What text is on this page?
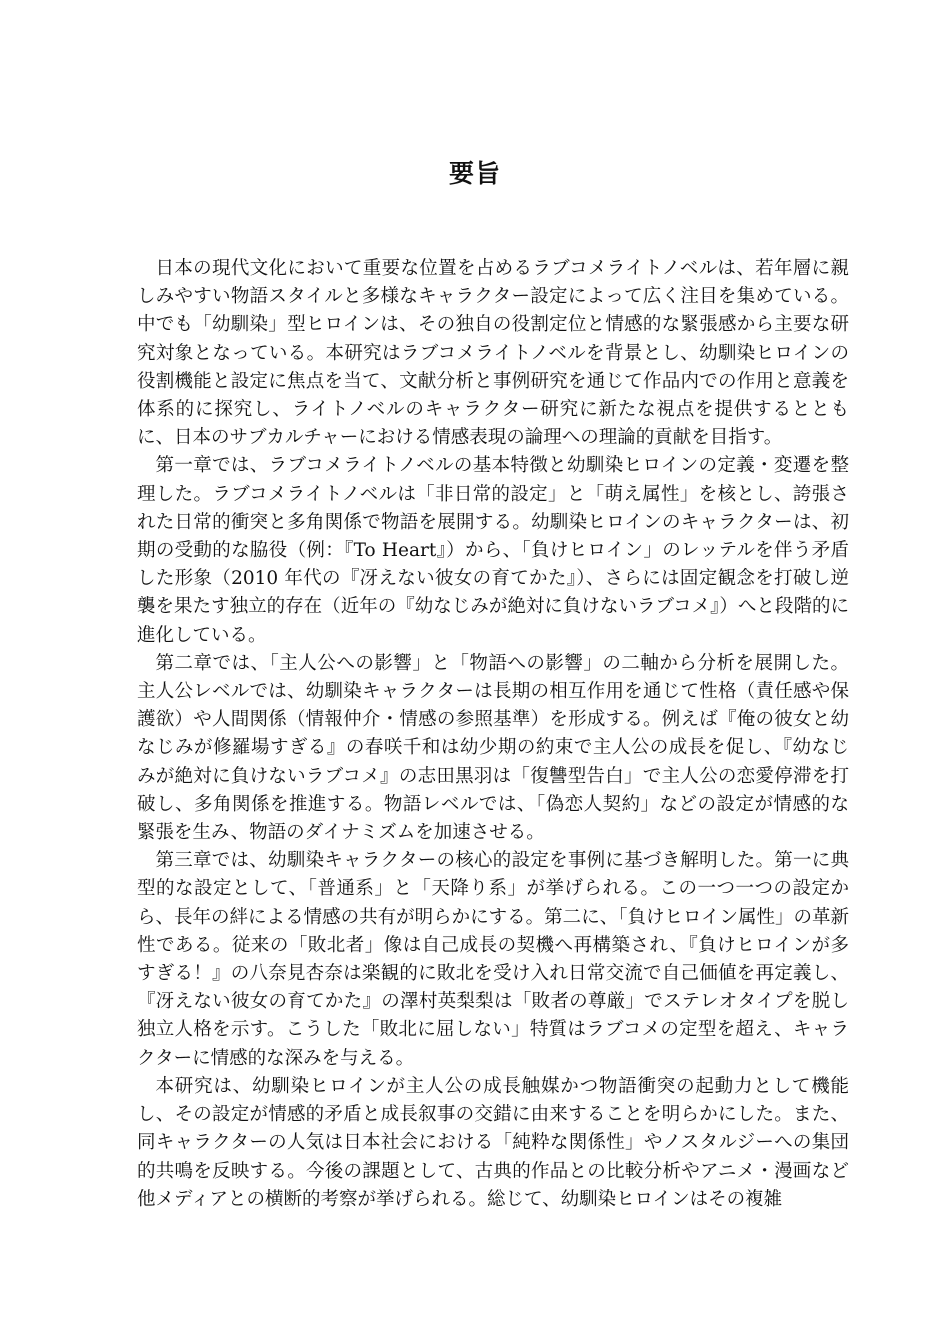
要旨

日本の現代文化において重要な位置を占めるラブコメライトノベルは、若年層に親しみやすい物語スタイルと多様なキャラクター設定によって広く注目を集めている。中でも「幼馴染」型ヒロインは、その独自の役割定位と情感的な緊張感から主要な研究対象となっている。本研究はラブコメライトノベルを背景とし、幼馴染ヒロインの役割機能と設定に焦点を当て、文献分析と事例研究を通じて作品内での作用と意義を体系的に探究し、ライトノベルのキャラクター研究に新たな視点を提供するとともに、日本のサブカルチャーにおける情感表現の論理への理論的貢献を目指す。

第一章では、ラブコメライトノベルの基本特徴と幼馴染ヒロインの定義・変遷を整理した。ラブコメライトノベルは「非日常的設定」と「萌え属性」を核とし、誇張された日常的衝突と多角関係で物語を展開する。幼馴染ヒロインのキャラクターは、初期の受動的な脇役（例：『To Heart』）から、「負けヒロイン」のレッテルを伴う矛盾した形象（2010 年代の『冴えない彼女の育てかた』）、さらには固定観念を打破し逆襲を果たす独立的存在（近年の『幼なじみが絶対に負けないラブコメ』）へと段階的に進化している。

第二章では、「主人公への影響」と「物語への影響」の二軸から分析を展開した。主人公レベルでは、幼馴染キャラクターは長期の相互作用を通じて性格（責任感や保護欲）や人間関係（情報仲介・情感の参照基準）を形成する。例えば『俺の彼女と幼なじみが修羅場すぎる』の春咲千和は幼少期の約束で主人公の成長を促し、『幼なじみが絶対に負けないラブコメ』の志田黒羽は「復讐型告白」で主人公の恋愛停滞を打破し、多角関係を推進する。物語レベルでは、「偽恋人契約」などの設定が情感的な緊張を生み、物語のダイナミズムを加速させる。

第三章では、幼馴染キャラクターの核心的設定を事例に基づき解明した。第一に典型的な設定として、「普通系」と「天降り系」が挙げられる。この一つ一つの設定から、長年の絆による情感の共有が明らかにする。第二に、「負けヒロイン属性」の革新性である。従来の「敗北者」像は自己成長の契機へ再構築され、『負けヒロインが多すぎる！』の八奈見杏奈は楽観的に敗北を受け入れ日常交流で自己価値を再定義し、『冴えない彼女の育てかた』の澤村英梨梨は「敗者の尊厳」でステレオタイプを脱し独立人格を示す。こうした「敗北に屈しない」特質はラブコメの定型を超え、キャラクターに情感的な深みを与える。

本研究は、幼馴染ヒロインが主人公の成長触媒かつ物語衝突の起動力として機能し、その設定が情感的矛盾と成長叙事の交錯に由来することを明らかにした。また、同キャラクターの人気は日本社会における「純粋な関係性」やノスタルジーへの集団的共鳴を反映する。今後の課題として、古典的作品との比較分析やアニメ・漫画など他メディアとの横断的考察が挙げられる。総じて、幼馴染ヒロインはその複雑
